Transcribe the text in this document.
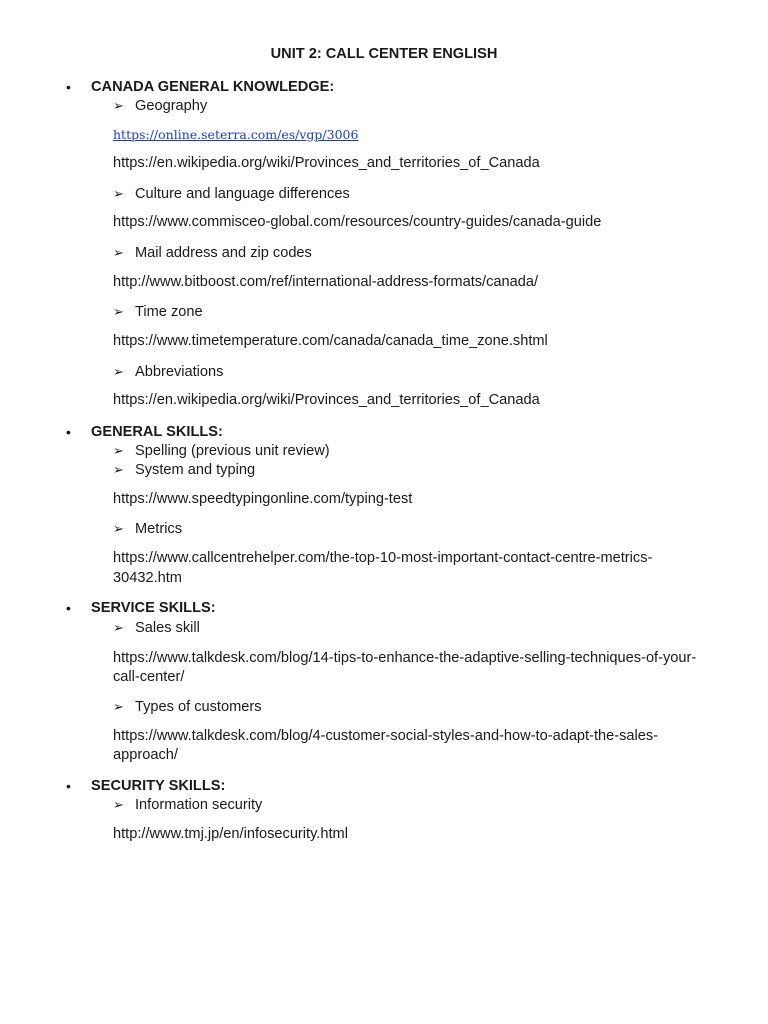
UNIT 2: CALL CENTER ENGLISH
• CANADA GENERAL KNOWLEDGE:
➢ Geography
https://online.seterra.com/es/vgp/3006
https://en.wikipedia.org/wiki/Provinces_and_territories_of_Canada
➢ Culture and language differences
https://www.commisceo-global.com/resources/country-guides/canada-guide
➢ Mail address and zip codes
http://www.bitboost.com/ref/international-address-formats/canada/
➢ Time zone
https://www.timetemperature.com/canada/canada_time_zone.shtml
➢ Abbreviations
https://en.wikipedia.org/wiki/Provinces_and_territories_of_Canada
• GENERAL SKILLS:
➢ Spelling (previous unit review)
➢ System and typing
https://www.speedtypingonline.com/typing-test
➢ Metrics
https://www.callcentrehelper.com/the-top-10-most-important-contact-centre-metrics-
30432.htm
• SERVICE SKILLS:
➢ Sales skill
https://www.talkdesk.com/blog/14-tips-to-enhance-the-adaptive-selling-techniques-of-your-
call-center/
➢ Types of customers
https://www.talkdesk.com/blog/4-customer-social-styles-and-how-to-adapt-the-sales-
approach/
• SECURITY SKILLS:
➢ Information security
http://www.tmj.jp/en/infosecurity.html
